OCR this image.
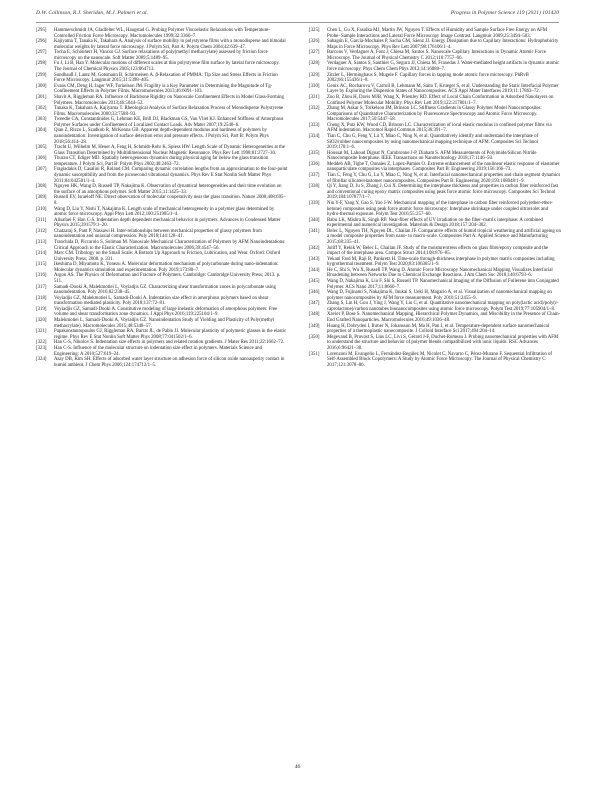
D.W. Collinson, R.J. Sheridan, M.J. Palmeri et al.	Progress in Polymer Science 119 (2021) 101420
[295]	Hammerschmidt JA, Gladfelter WL, Haugstad G. Probing Polymer Viscoelastic Relaxations with Temperature-Controlled Friction Force Microscopy. Macromolecules 1999;32:3360–7.
[296]	Kajiyama T, Tanaka K, Takahara A. Analysis of surface mobility in polystyrene films with a monodisperse and bimodal molecular weights by lateral force microscopy. J Polym Sci, Part A: Polym Chem 2004;42:639–47.
[297]	Tocha E, Schönherr H, Vancso GJ. Surface relaxations of poly(methyl methacrylate) assessed by friction force microscopy on the nanoscale. Soft Matter 2009;5:1489–95.
[298]	Fu J, Li B, Han Y. Molecular motions of different scales at thin polystyrene film surface by lateral force microscopy. The Journal of Chemical Physics 2005;123:064713.
[299]	Sondhauß J, Lantz M, Gotsmann B, Schirmeisen A. β-Relaxation of PMMA: Tip Size and Stress Effects in Friction Force Microscopy. Langmuir 2015;31:5398–405.
[300]	Evans CM, Deng H, Jager WF, Torkelson JM. Fragility is a Key Parameter in Determining the Magnitude of Tg-Confinement Effects in Polymer Films. Macromolecules 2013;46:6091–103.
[301]	Shavit A, Riggleman RA. Influence of Backbone Rigidity on Nanoscale Confinement Effects in Model Glass-Forming Polymers. Macromolecules 2013;46:5044–52.
[302]	Tanaka K, Takahara A, Kajiyama T. Rheological Analysis of Surface Relaxation Process of Monodisperse Polystyrene Films. Macromolecules 2000;33:7588–93.
[303]	Tweedie CA, Constantinides G, Lehman KE, Brill DJ, Blackman GS, Van Vliet KJ. Enhanced Stiffness of Amorphous Polymer Surfaces under Confinement of Localized Contact Loads. Adv Mater 2007;19:2540–6.
[304]	Qian Z, Rizzo L, Szadkob R, McKenna GB. Apparent depth-dependent modulus and hardness of polymers by nanoindentation: Investigation of surface detection error and pressure effects. J Polym Sci, Part B: Polym Phys 2018;56:414–28.
[305]	Tracht U, Wilhelm M, Heuer A, Feng H, Schmidt-Rohr K, Spiess HW. Length Scale of Dynamic Heterogeneities at the Glass Transition Determined by Multidimensional Nuclear Magnetic Resonance. Phys Rev Lett 1998;81:2727–30.
[306]	Thurau CT, Ediger MD. Spatially heterogeneous dynamics during physical aging far below the glass transition temperature. J Polym Sci, Part B: Polym Phys 2002;40:2463–72.
[307]	Fragiadakis D, Casalini R, Roland CM. Comparing dynamic correlation lengths from an approximation to the four-point dynamic susceptibility and from the picosecond vibrational dynamics. Phys Rev E Stat Nonlin Soft Matter Phys 2011;84:042501/1–4.
[308]	Nguyen HK, Wang D, Russell TP, Nakajima K. Observation of dynamical heterogeneities and their time evolution on the surface of an amorphous polymer. Soft Matter 2015;11:1425–33.
[309]	Russell EV, Israeloff NE. Direct observation of molecular cooperativity near the glass transition. Nature 2000;408:695–8.
[310]	Wang D, Liu Y, Nishi T, Nakajima K. Length scale of mechanical heterogeneity in a polymer glass determined by atomic force microscopy. Appl Phys Lett 2012;100:251905/1–4.
[311]	Alisafaei F, Han C-S. Indentation depth dependent mechanical behavior in polymers. Advances in Condensed Matter Physics 2015;391579:1–20.
[312]	Chatzaraj S, Pant P, Nassawi H. Inter-relationships between mechanical properties of glassy polymers from nanoindentation and uniaxial compression. Poly 2018;144:128–41.
[313]	Tranchida D, Piccarolo S, Soliman M. Nanoscale Mechanical Characterization of Polymers by AFM Nanoindentations: Critical Approach to the Elastic Characterization. Macromolecules 2006;39:4547–56.
[314]	Marc CM. Tribology on the Small Scale: A Bottom Up Approach to Friction, Lubrication, and Wear. Oxford: Oxford University Press; 2008. p. 331.
[315]	Ikeshima D, Miyamoto K, Yonezu A. Molecular deformation mechanism of polycarbonate during nano-indentation: Molecular dynamics simulation and experimentation. Poly 2019;173:80–7.
[316]	Argon AS. The Physics of Deformation and Fracture of Polymers. Cambridge: Cambridge University Press; 2013. p. 511.
[317]	Samadi-Dooki A, Malekmotiei L, Voyiadjis GZ. Characterizing shear transformation zones in polycarbonate using nanoindentation. Poly 2016;82:238–45.
[318]	Voyiadjis GZ, Malekmotiei L, Samadi-Dooki A. Indentation size effect in amorphous polymers based on shear transformation mediated plasticity. Poly 2018;137:72–81.
[319]	Voyiadjis GZ, Samadi-Dooki A. Constitutive modeling of large inelastic deformation of amorphous polymers: Free volume and shear transformation zone dynamics. J Appl Phys 2016;119:225104/1–9.
[320]	Malekmotiei L, Samadi-Dooki A, Voyiadjis GZ. Nanoindentation Study of Yielding and Plasticity of Poly(methyl methacrylate). Macromolecules 2015;48:5348–57.
[321]	Papakonstantopoulos GJ, Riggleman RA, Barrat JL, de Pablo JJ. Molecular plasticity of polymeric glasses in the elastic regime. Phys Rev E Stat Nonlin Soft Matter Phys 2008;77:041502/1–6.
[322]	Han C-S, Nikolov S. Indentation size effects in polymers and related rotation gradients. J Mater Res 2011;22:1662–72.
[323]	Han C-S. Influence of the molecular structure on indentation size effect in polymers. Materials Science and Engineering: A 2010;527:619–24.
[324]	Asay DB, Kim SH. Effects of adsorbed water layer structure on adhesion force of silicon oxide nanoasperity contact in humid ambient. J Chem Phys 2006;124:174712/1–5.
[325]	Chen L, Gu X, Fasolka MJ, Martin JW, Nguyen T. Effects of Humidity and Sample Surface Free Energy on AFM Probe−Sample Interactions and Lateral Force Microscopy Image Contrast. Langmuir 2009;25:3494–503.
[326]	Sahagún E, García-Mochales P, Sacha GM, Sáenz JJ. Energy Dissipation due to Capillary Interactions: Hydrophobicity Maps in Force Microscopy. Phys Rev Lett 2007;98:176106/1–4.
[327]	Barcons V, Verdaguer A, Font J, Chiesa M, Santos S. Nanoscale Capillary Interactions in Dynamic Atomic Force Microscopy. The Journal of Physical Chemistry C 2012;116:7757–66.
[328]	Verdaguer A, Santos S, Sauthier G, Segura JJ, Chiesa M, Fraxedas J. Water-mediated height artifacts in dynamic atomic force microscopy. Phys Chem Chem Phys 2012;14:16080–7.
[329]	Zitzler L, Herminghaus S, Mugele F. Capillary forces in tapping mode atomic force microscopy. PhRvB 2002;66:155436/1–8.
[330]	Genix AC, Bocharova V, Carroll B, Lehmann M, Saito T, Krueger S, et al. Understanding the Static Interfacial Polymer Layer by Exploring the Dispersion States of Nanocomposites. ACS Appl Mater Interfaces 2019;11:17863–72.
[331]	Zuo B, Zhou H, Davis MJB, Wang X, Priestley RD. Effect of Local Chain Conformation in Adsorbed Nanolayers on Confined Polymer Molecular Mobility. Phys Rev Lett 2019;122:217801/1–7.
[332]	Zhang M, Askar S, Torkelson JM, Brinson LC. Stiffness Gradients in Glassy Polymer Model Nanocomposites: Comparisons of Quantitative Characterization by Fluorescence Spectroscopy and Atomic Force Microscopy. Macromolecules 2017;50:5447–58.
[333]	Cheng X, Putz KW, Wood CD, Brinson LC. Characterization of local elastic modulus in confined polymer films via AFM indentation. Macromol Rapid Commun 2015;36:391–7.
[334]	Tian C, Chu G, Feng Y, Lu Y, Miao C, Ning N, et al. Quantitatively identify and understand the interphase of SiO2/rubber nanocomposites by using nanomechanical mapping technique of AFM. Composites Sci Technol 2019;170:1–6.
[335]	Houssat M, Lahoud Dignat N, Cambronne J-P, Diaham S. AFM Measurements of Polyimide/Silicon Nitride Nanocomposite Interphase. IEEE Transactions on Nanotechnology 2018;17:1146–50.
[336]	Meddeb AB, Tighe T, Ounaies Z, Lopez-Pamies O. Extreme enhancement of the nonlinear elastic response of elastomer nanoparticulate composites via interphases. Composites Part B: Engineering 2019;156:166–73.
[337]	Tian C, Feng Y, Chu G, Lu Y, Miao C, Ning N, et al. Interfacial nanomechanical properties and chain segment dynamics of fibrillar silicate/elastomer nanocomposites. Composites Part B: Engineering 2020;193:108048/1–9.
[338]	Qi Y, Jiang D, Ju S, Zhang J, Cui X. Determining the interphase thickness and properties in carbon fiber reinforced fast and conventional curing epoxy matrix composites using peak force atomic force microscopy. Composites Sci Technol 2019;184:107877/1–7.
[339]	Niu Y-F, Yang Y, Gao S, Yao J-W. Mechanical mapping of the interphase in carbon fiber reinforced poly(ether-ether-ketone) composites using peak force atomic force microscopy: Interphase shrinkage under coupled ultraviolet and hydro-thermal exposure. Polym Test 2016;55:257–60.
[340]	Babu LK, Mishra K, Singh RP. Near-fiber effects of UV irradiation on the fiber–matrix interphase: A combined experimental and numerical investigation. Materials & Design 2018;157:204–302.
[341]	Belec L, Nguyen TH, Nguyen DL, Chailan JF. Comparative effects of humid tropical weathering and artificial ageing on a model composite properties from nano- to macro-scale. Composites Part A: Applied Science and Manufacturing 2015;68:235–41.
[342]	Joliff Y, Rekik W, Belec L, Chailan JF. Study of the moisture/stress effects on glass fibre/epoxy composite and the impact of the interphase area. Compos Struct 2014;108:876–85.
[343]	Yekani Fard M, Raji B, Pankretz H. Time-scale through-thickness interphase in polymer matrix composites including hygrothermal treatment. Polym Test 2020;83:106365/1–9.
[344]	He C, Shi S, Wu X, Russell TP, Wang D. Atomic Force Microscopy Nanomechanical Mapping Visualizes Interfacial Broadening between Networks Due to Chemical Exchange Reactions. J Am Chem Soc 2018;140:6793–6.
[345]	Wang D, Nakajima K, Liu F, Shi S, Russell TP. Nanomechanical Imaging of the Diffusion of Fullerene into Conjugated Polymer. ACS Nano 2017;11:8660–7.
[346]	Wang D, Fujinami S, Nakajima K, Inukai S, Ueki H, Magario A, et al. Visualization of nanomechanical mapping on polymer nanocomposites by AFM force measurement. Poly 2010;51:2455–9.
[347]	Zhang S, Lin H, Gou J, Ying J, Wang Y, Liu C, et al. Quantitative nanomechanical mapping on poly(lactic acid)/poly(ε-caprolactone)/carbon nanotubes bionanocomposites using atomic force microscopy. Polym Test 2019;77:105904/1–8.
[348]	Xavier P, Bose S. Nanomechanical Mapping, Hierarchical Polymer Dynamics, and Miscibility in the Presence of Chain-End Grafted Nanoparticles. Macromolecules 2016;49:1036–48.
[349]	Huang H, Dobryden I, Ihrner N, Johansson M, Ma H, Pan J, et al. Temperature-dependent surface nanomechanical properties of a thermoplastic nanocomposite. J Colloid Interface Sci 2017;494:204–14.
[350]	Megevand B, Pruvost S, Lins LC, Livi S, Gérard J-F, Duchet-Rumeau J. Probing nanomechanical properties with AFM to understand the structure and behavior of polymer blends compatibilized with ionic liquids. RSC Advances 2016;6:96421–30.
[351]	Lorenzoni M, Evangelio L, Fernández-Regúlez M, Nicolet C, Navarro C, Pérez-Murano F. Sequential Infiltration of Self-Assembled Block Copolymers: A Study by Atomic Force Microscopy. The Journal of Physical Chemistry C 2017;121:3078–86.
46
